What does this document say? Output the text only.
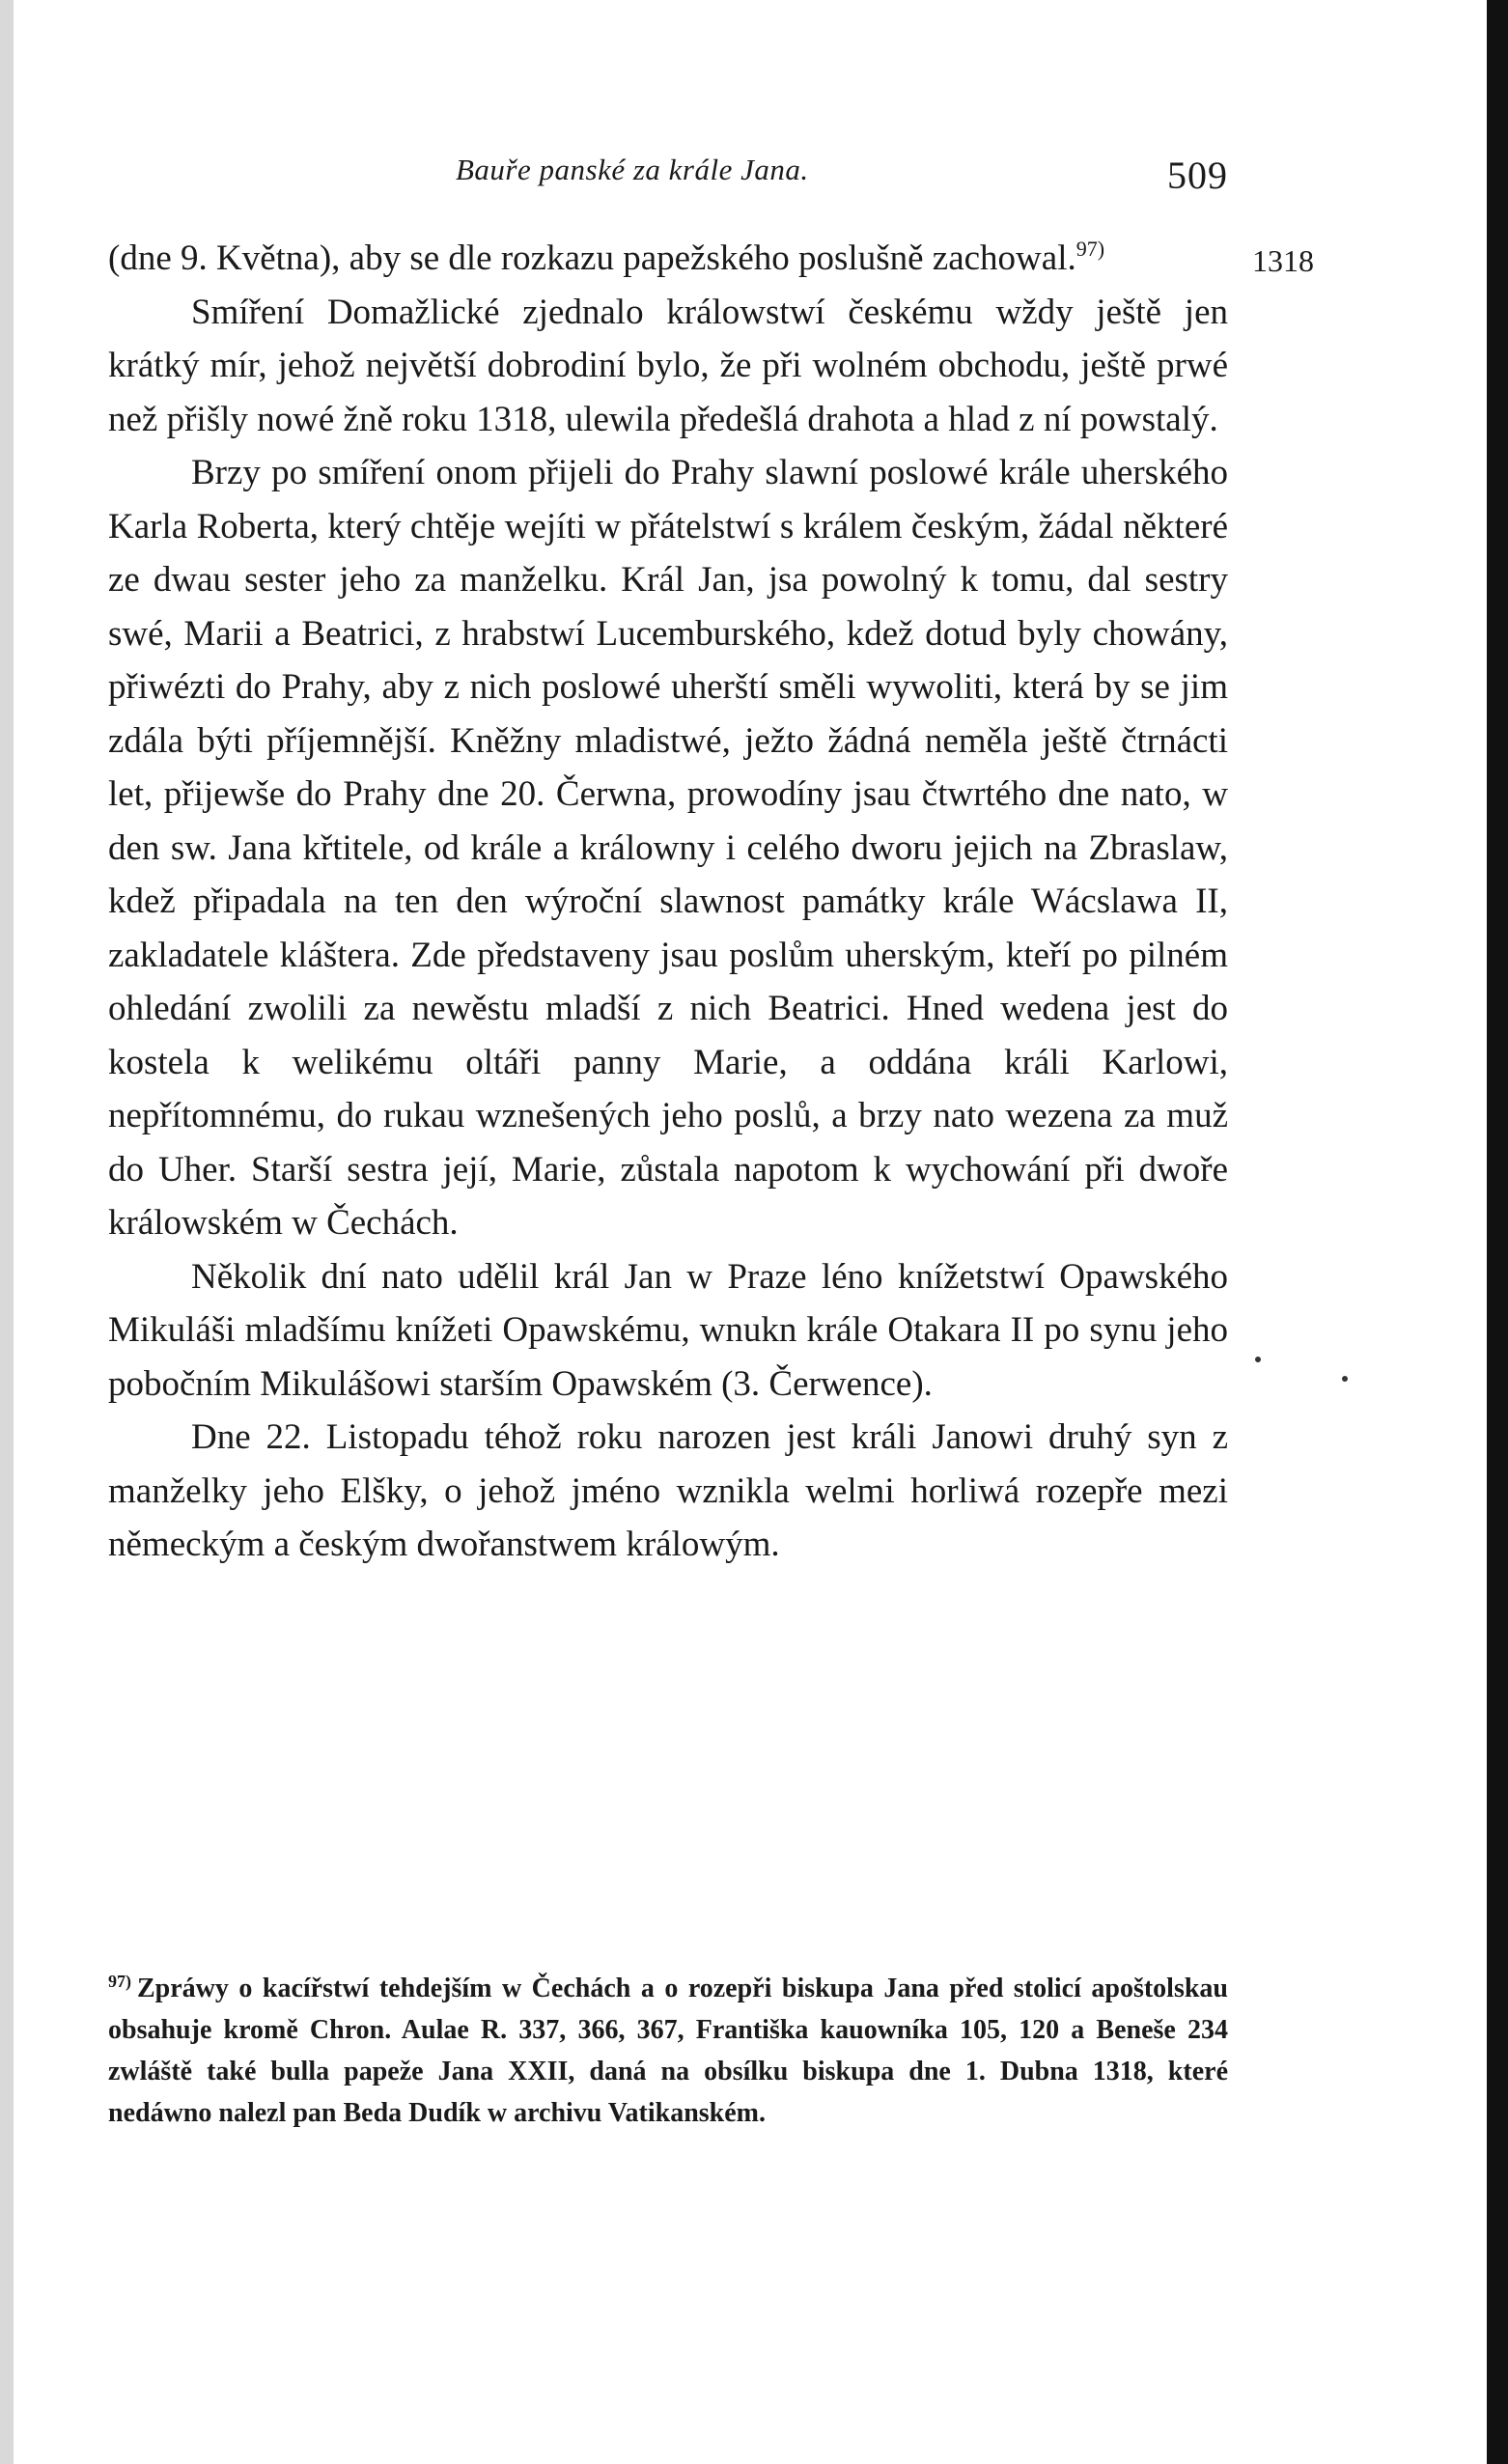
Bauře panské za krále Jana.	509
1318

(dne 9. Května), aby se dle rozkazu papežského poslušně zachowal.$^{97)}$

Smíření Domažlické zjednalo králowstwí českému wždy ještě jen krátký mír, jehož největší dobrodiní bylo, že při wolném obchodu, ještě prwé než přišly nowé žně roku 1318, ulewila předešlá drahota a hlad z ní powstalý.

Brzy po smíření onom přijeli do Prahy slawní poslowé krále uherského Karla Roberta, který chtěje wejíti w přátelstwí s králem českým, žádal některé ze dwau sester jeho za manželku. Král Jan, jsa powolný k tomu, dal sestry swé, Marii a Beatrici, z hrabstwí Lucemburského, kdež dotud byly chowány, přiwézti do Prahy, aby z nich poslowé uherští směli wywoliti, která by se jim zdála býti příjemnější. Kněžny mladistwé, ježto žádná neměla ještě čtrnácti let, přijewše do Prahy dne 20. Čerwna, prowodíny jsau čtwrtého dne nato, w den sw. Jana křtitele, od krále a králowny i celého dworu jejich na Zbraslaw, kdež připadala na ten den wýroční slawnost památky krále Wácslawa II, zakladatele kláštera. Zde představeny jsau poslům uherským, kteří po pilném ohledání zwolili za newěstu mladší z nich Beatrici. Hned wedena jest do kostela k welikému oltáři panny Marie, a oddána králi Karlowi, nepřítomnému, do rukau wznešených jeho poslů, a brzy nato wezena za muž do Uher. Starší sestra její, Marie, zůstala napotom k wychowání při dwoře králowském w Čechách.

Několik dní nato udělil král Jan w Praze léno knížetstwí Opawského Mikuláši mladšímu knížeti Opawskému, wnukn krále Otakara II po synu jeho pobočním Mikulášowi starším Opawském (3. Čerwence).

Dne 22. Listopadu téhož roku narozen jest králi Janowi druhý syn z manželky jeho Elšky, o jehož jméno wznikla welmi horliwá rozepře mezi německým a českým dwořanstwem králowým.

$^{97)}$ Zpráwy o kacířstwí tehdejším w Čechách a o rozepři biskupa Jana před stolicí apoštolskau obsahuje kromě Chron. Aulae R. 337, 366, 367, Františka kauowníka 105, 120 a Beneše 234 zwláště také bulla papeže Jana XXII, daná na obsílku biskupa dne 1. Dubna 1318, které nedáwno nalezl pan Beda Dudík w archivu Vatikanském.
